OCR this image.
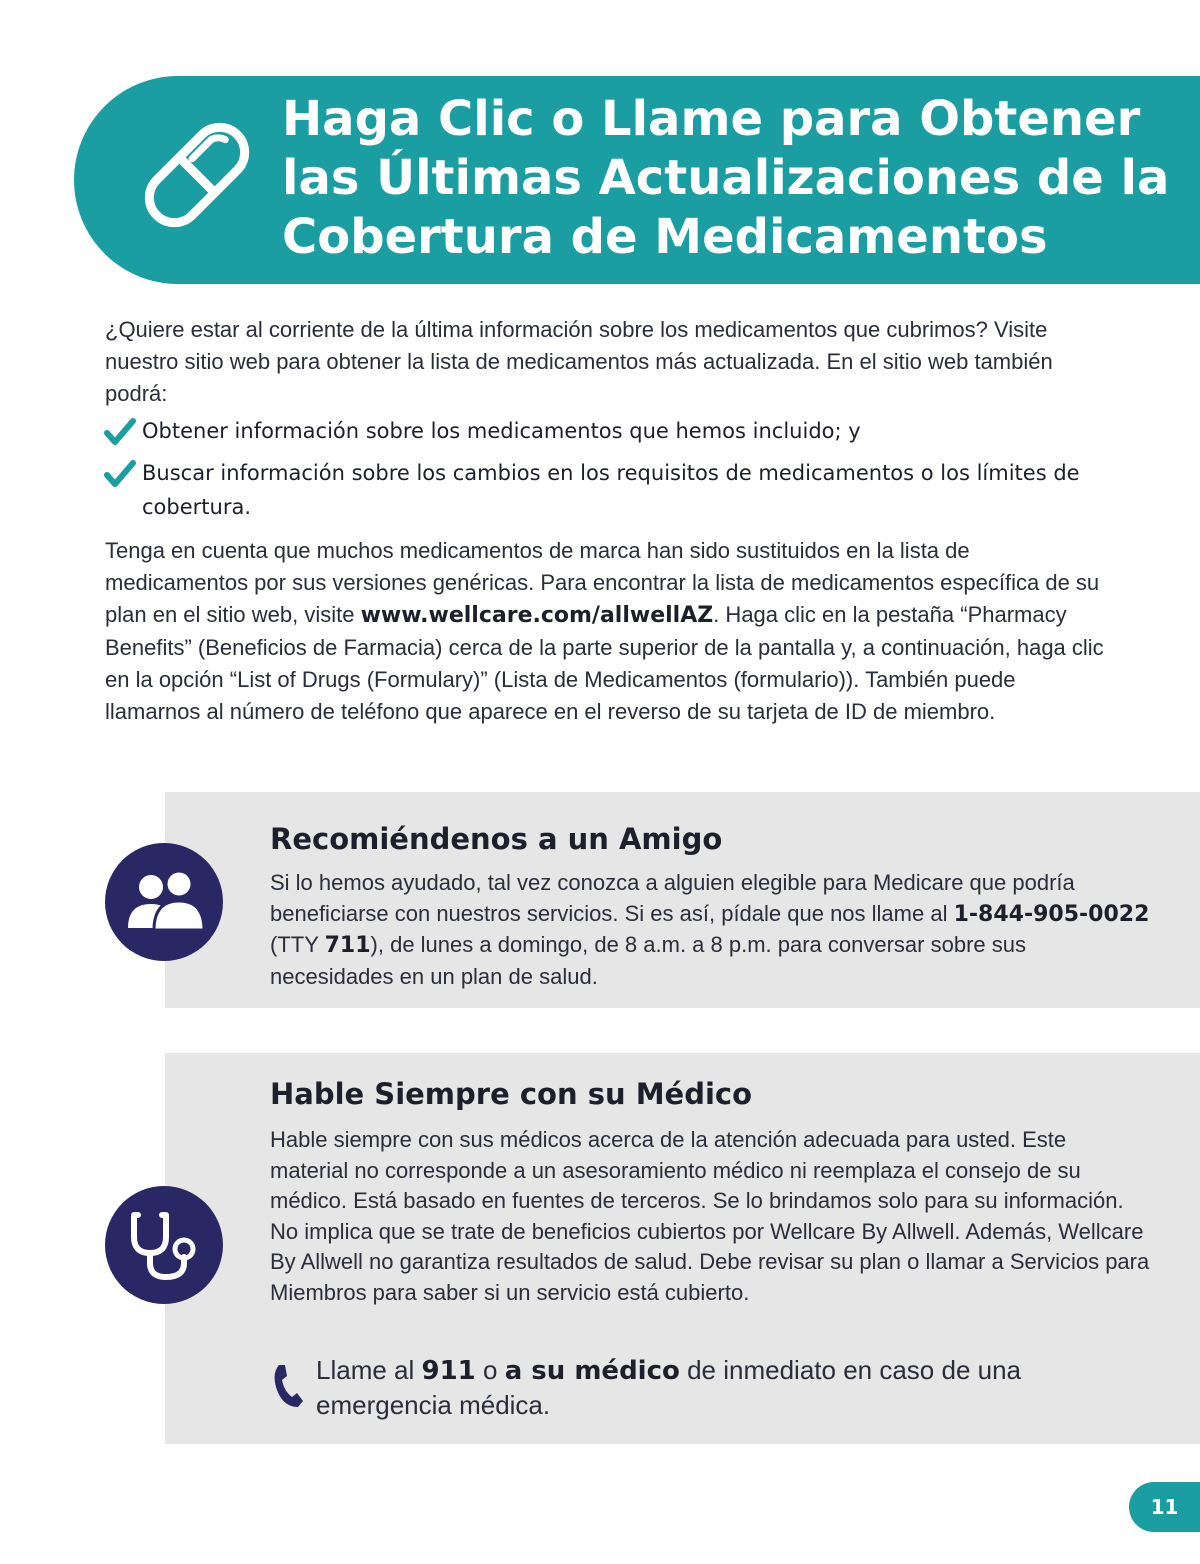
Haga Clic o Llame para Obtener las Últimas Actualizaciones de la Cobertura de Medicamentos

¿Quiere estar al corriente de la última información sobre los medicamentos que cubrimos? Visite nuestro sitio web para obtener la lista de medicamentos más actualizada. En el sitio web también podrá:

Obtener información sobre los medicamentos que hemos incluido; y
Buscar información sobre los cambios en los requisitos de medicamentos o los límites de cobertura.

Tenga en cuenta que muchos medicamentos de marca han sido sustituidos en la lista de medicamentos por sus versiones genéricas. Para encontrar la lista de medicamentos específica de su plan en el sitio web, visite www.wellcare.com/allwellAZ. Haga clic en la pestaña “Pharmacy Benefits” (Beneficios de Farmacia) cerca de la parte superior de la pantalla y, a continuación, haga clic en la opción “List of Drugs (Formulary)” (Lista de Medicamentos (formulario)). También puede llamarnos al número de teléfono que aparece en el reverso de su tarjeta de ID de miembro.

Recomiéndenos a un Amigo

Si lo hemos ayudado, tal vez conozca a alguien elegible para Medicare que podría beneficiarse con nuestros servicios. Si es así, pídale que nos llame al 1-844-905-0022 (TTY 711), de lunes a domingo, de 8 a.m. a 8 p.m. para conversar sobre sus necesidades en un plan de salud.

Hable Siempre con su Médico

Hable siempre con sus médicos acerca de la atención adecuada para usted. Este material no corresponde a un asesoramiento médico ni reemplaza el consejo de su médico. Está basado en fuentes de terceros. Se lo brindamos solo para su información. No implica que se trate de beneficios cubiertos por Wellcare By Allwell. Además, Wellcare By Allwell no garantiza resultados de salud. Debe revisar su plan o llamar a Servicios para Miembros para saber si un servicio está cubierto.

Llame al 911 o a su médico de inmediato en caso de una emergencia médica.

11
